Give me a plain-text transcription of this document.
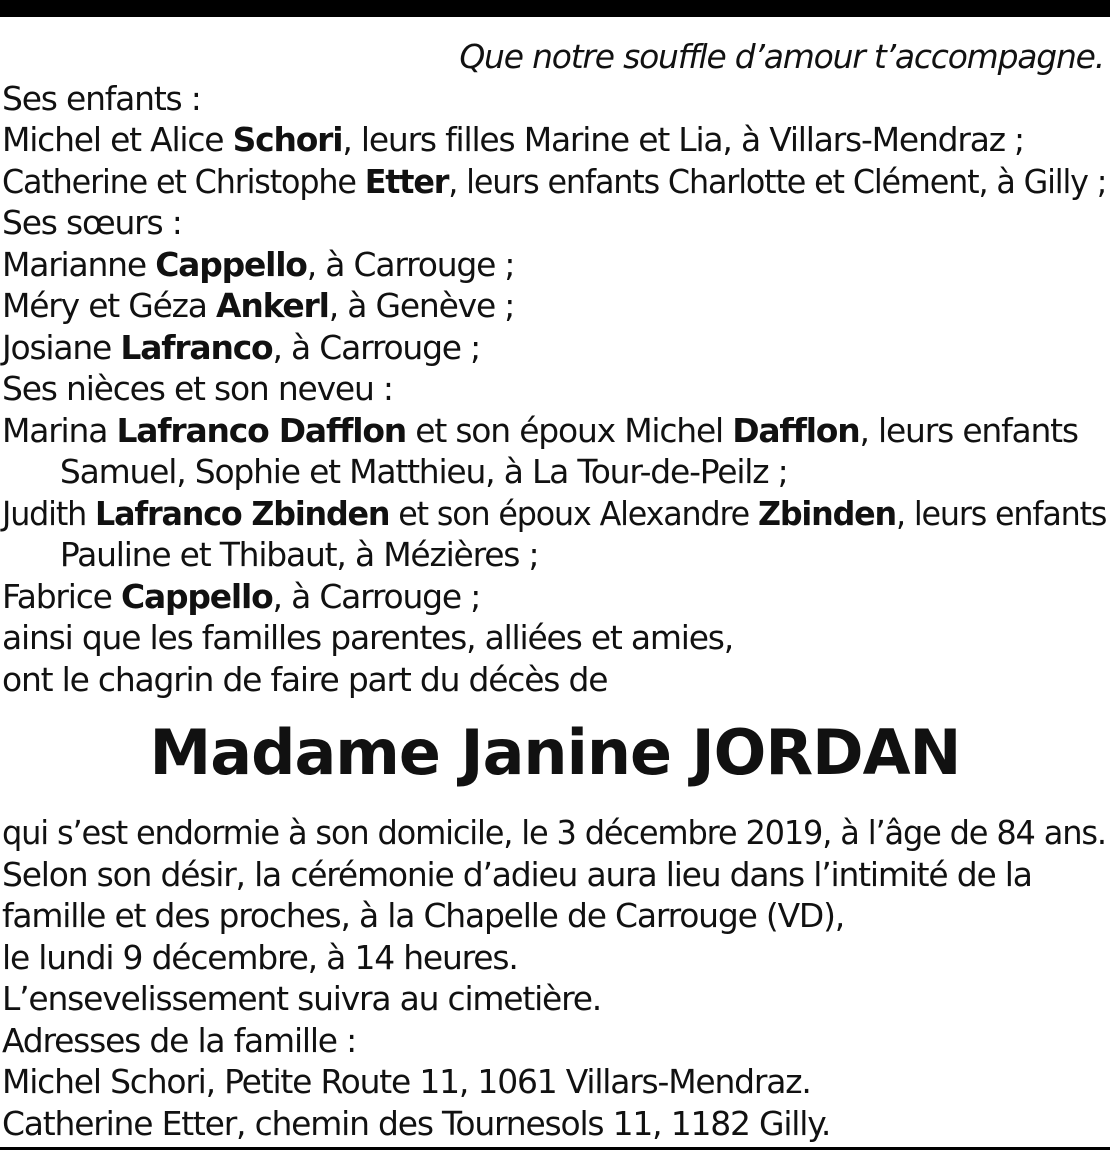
Que notre souffle d’amour t’accompagne.
Ses enfants :
Michel et Alice Schori, leurs filles Marine et Lia, à Villars-Mendraz ;
Catherine et Christophe Etter, leurs enfants Charlotte et Clément, à Gilly ;
Ses sœurs :
Marianne Cappello, à Carrouge ;
Méry et Géza Ankerl, à Genève ;
Josiane Lafranco, à Carrouge ;
Ses nièces et son neveu :
Marina Lafranco Dafflon et son époux Michel Dafflon, leurs enfants
Samuel, Sophie et Matthieu, à La Tour-de-Peilz ;
Judith Lafranco Zbinden et son époux Alexandre Zbinden, leurs enfants
Pauline et Thibaut, à Mézières ;
Fabrice Cappello, à Carrouge ;
ainsi que les familles parentes, alliées et amies,
ont le chagrin de faire part du décès de
Madame Janine JORDAN
qui s’est endormie à son domicile, le 3 décembre 2019, à l’âge de 84 ans.
Selon son désir, la cérémonie d’adieu aura lieu dans l’intimité de la
famille et des proches, à la Chapelle de Carrouge (VD),
le lundi 9 décembre, à 14 heures.
L’ensevelissement suivra au cimetière.
Adresses de la famille :
Michel Schori, Petite Route 11, 1061 Villars-Mendraz.
Catherine Etter, chemin des Tournesols 11, 1182 Gilly.
